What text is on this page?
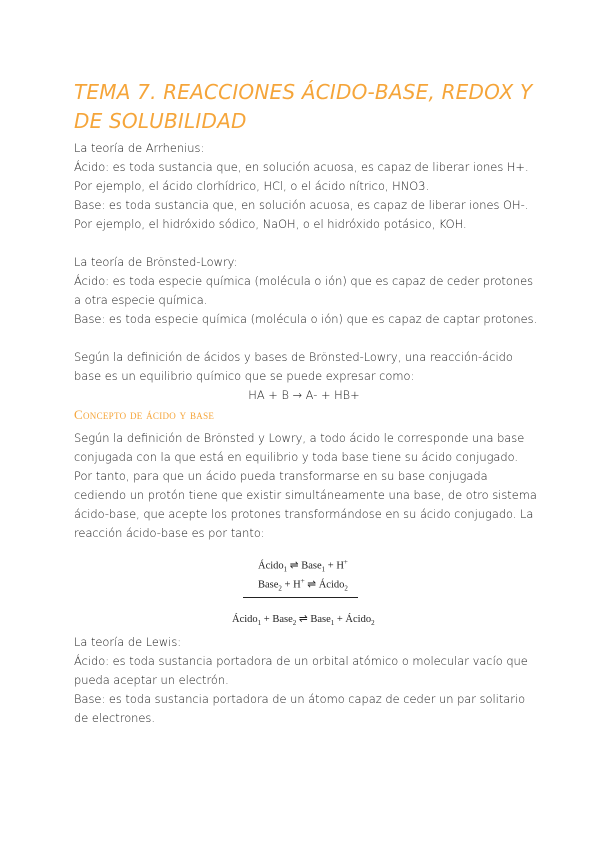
TEMA 7. REACCIONES ÁCIDO-BASE, REDOX Y DE SOLUBILIDAD
La teoría de Arrhenius:
Ácido: es toda sustancia que, en solución acuosa, es capaz de liberar iones H+.
Por ejemplo, el ácido clorhídrico, HCl, o el ácido nítrico, HNO3.
Base: es toda sustancia que, en solución acuosa, es capaz de liberar iones OH-.
Por ejemplo, el hidróxido sódico, NaOH, o el hidróxido potásico, KOH.
La teoría de Brönsted-Lowry:
Ácido: es toda especie química (molécula o ión) que es capaz de ceder protones
a otra especie química.
Base: es toda especie química (molécula o ión) que es capaz de captar protones.
Según la definición de ácidos y bases de Brönsted-Lowry, una reacción-ácido
base es un equilibrio químico que se puede expresar como:
HA + B → A- + HB+
Concepto de ácido y base
Según la definición de Brönsted y Lowry, a todo ácido le corresponde una base
conjugada con la que está en equilibrio y toda base tiene su ácido conjugado.
Por tanto, para que un ácido pueda transformarse en su base conjugada
cediendo un protón tiene que existir simultáneamente una base, de otro sistema
ácido-base, que acepte los protones transformándose en su ácido conjugado. La
reacción ácido-base es por tanto:
Ácido$_1$ ⇌ Base$_1$ + H+
Base$_2$ + H+ ⇌ Ácido$_2$
Ácido$_1$ + Base$_2$ ⇌ Base$_1$ + Ácido$_2$
La teoría de Lewis:
Ácido: es toda sustancia portadora de un orbital atómico o molecular vacío que
pueda aceptar un electrón.
Base: es toda sustancia portadora de un átomo capaz de ceder un par solitario
de electrones.
